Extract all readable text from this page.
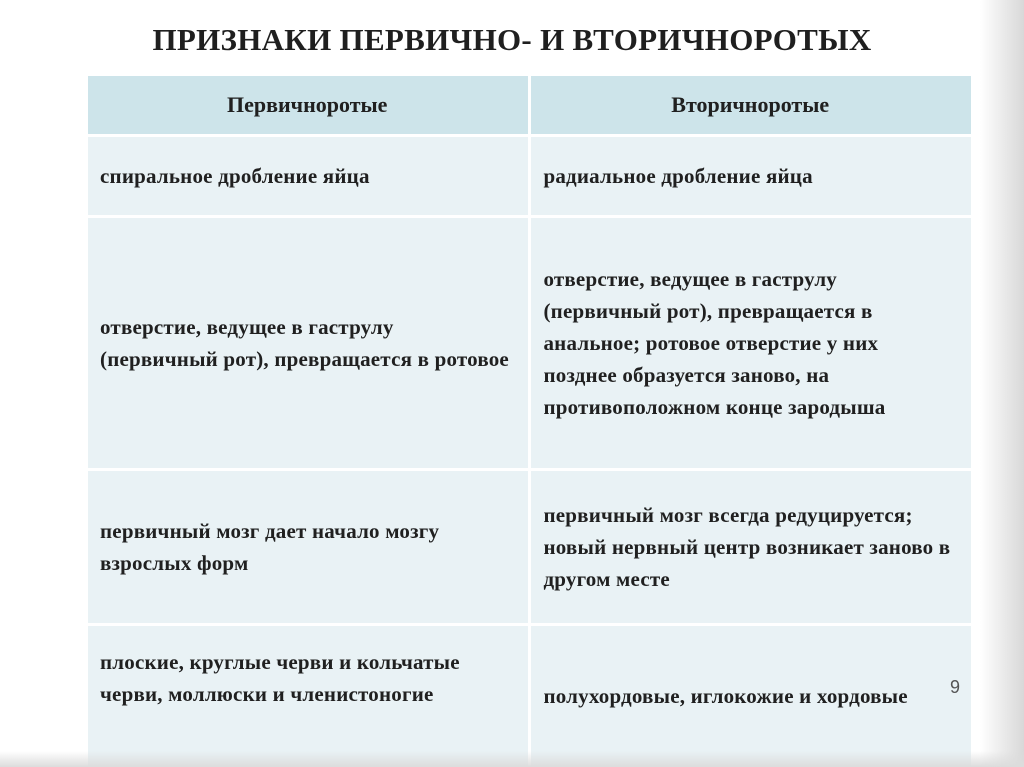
ПРИЗНАКИ ПЕРВИЧНО- И ВТОРИЧНОРОТЫХ
Первичноротые	Вторичноротые
спиральное дробление яйца	радиальное дробление яйца
отверстие, ведущее в гаструлу (первичный рот), превращается в ротовое	отверстие, ведущее в гаструлу (первичный рот), превращается в анальное; ротовое отверстие у них позднее образуется заново, на противоположном конце зародыша
первичный мозг дает начало мозгу взрослых форм	первичный мозг всегда редуцируется; новый нервный центр возникает заново в другом месте
плоские, круглые черви и кольчатые черви, моллюски и членистоногие	полухордовые, иглокожие и хордовые 9
